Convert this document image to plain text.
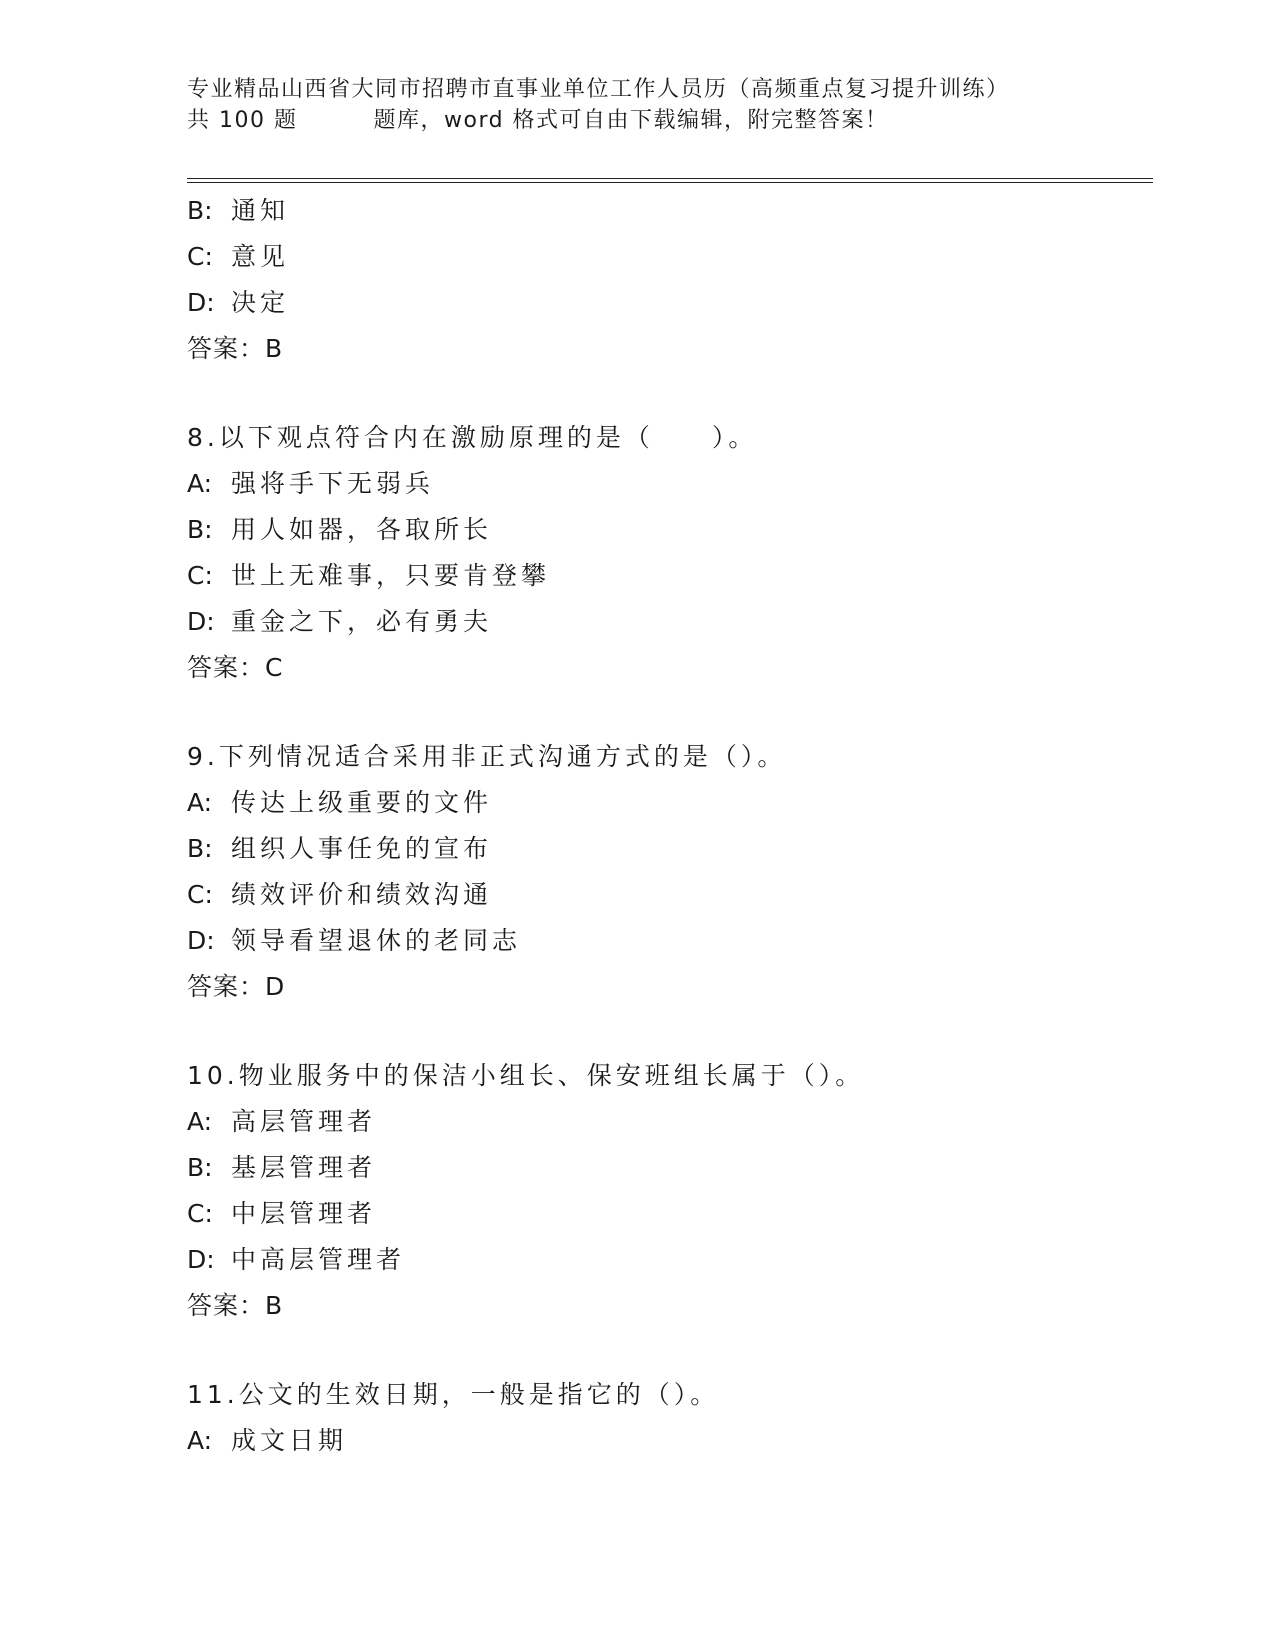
专业精品山西省大同市招聘市直事业单位工作人员历（高频重点复习提升训练）
共 100 题	题库，word 格式可自由下载编辑，附完整答案！
B: 通知
C: 意见
D: 决定
答案：B
8.以下观点符合内在激励原理的是（　　）。
A: 强将手下无弱兵
B: 用人如器，各取所长
C: 世上无难事，只要肯登攀
D: 重金之下，必有勇夫
答案：C
9.下列情况适合采用非正式沟通方式的是（）。
A: 传达上级重要的文件
B: 组织人事任免的宣布
C: 绩效评价和绩效沟通
D: 领导看望退休的老同志
答案：D
10.物业服务中的保洁小组长、保安班组长属于（）。
A: 高层管理者
B: 基层管理者
C: 中层管理者
D: 中高层管理者
答案：B
11.公文的生效日期，一般是指它的（）。
A: 成文日期
